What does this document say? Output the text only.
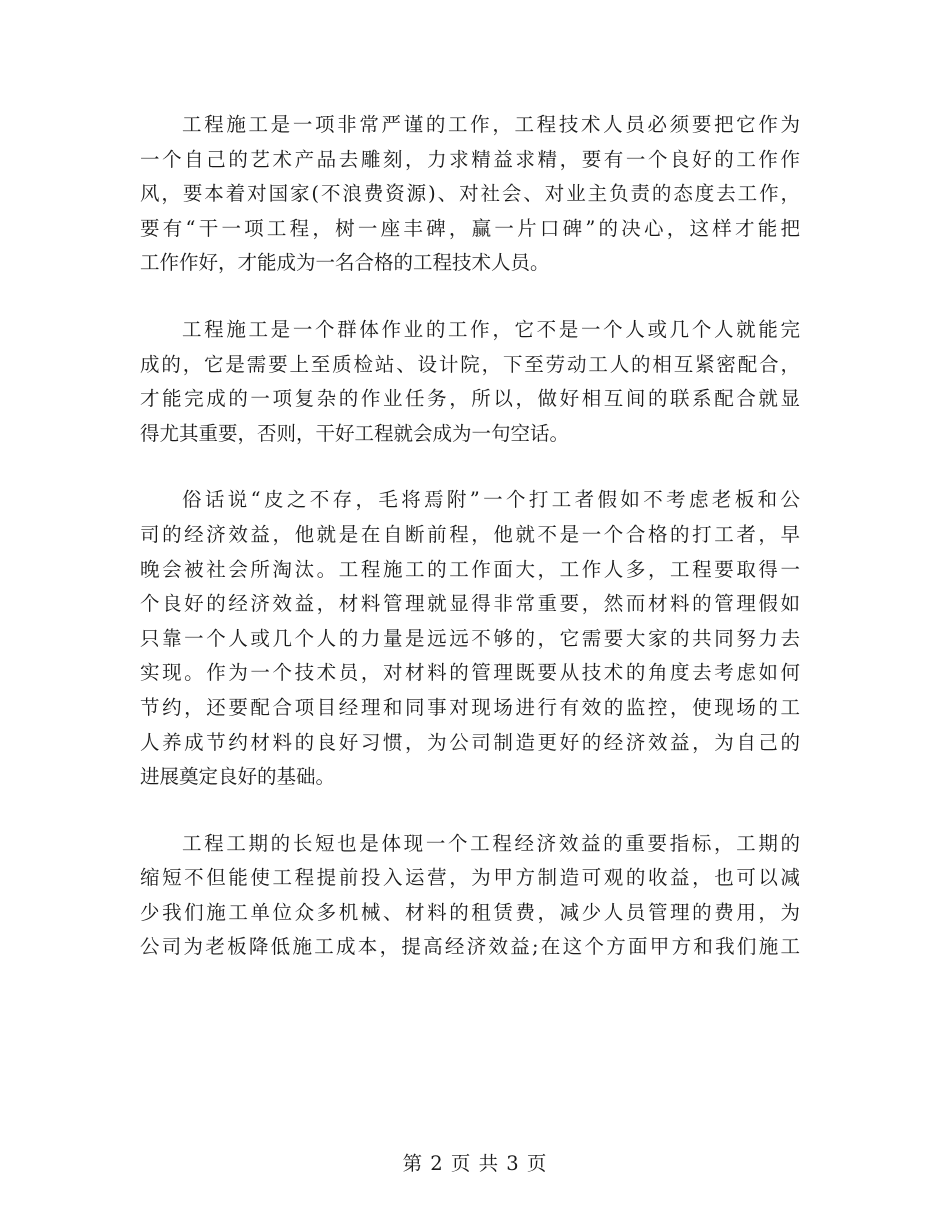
工程施工是一项非常严谨的工作，工程技术人员必须要把它作为
一个自己的艺术产品去雕刻，力求精益求精，要有一个良好的工作作
风，要本着对国家(不浪费资源)、对社会、对业主负责的态度去工作，
要有“干一项工程，树一座丰碑，赢一片口碑”的决心，这样才能把
工作作好，才能成为一名合格的工程技术人员。
工程施工是一个群体作业的工作，它不是一个人或几个人就能完
成的，它是需要上至质检站、设计院，下至劳动工人的相互紧密配合，
才能完成的一项复杂的作业任务，所以，做好相互间的联系配合就显
得尤其重要，否则，干好工程就会成为一句空话。
俗话说“皮之不存，毛将焉附”一个打工者假如不考虑老板和公
司的经济效益，他就是在自断前程，他就不是一个合格的打工者，早
晚会被社会所淘汰。工程施工的工作面大，工作人多，工程要取得一
个良好的经济效益，材料管理就显得非常重要，然而材料的管理假如
只靠一个人或几个人的力量是远远不够的，它需要大家的共同努力去
实现。作为一个技术员，对材料的管理既要从技术的角度去考虑如何
节约，还要配合项目经理和同事对现场进行有效的监控，使现场的工
人养成节约材料的良好习惯，为公司制造更好的经济效益，为自己的
进展奠定良好的基础。
工程工期的长短也是体现一个工程经济效益的重要指标，工期的
缩短不但能使工程提前投入运营，为甲方制造可观的收益，也可以减
少我们施工单位众多机械、材料的租赁费，减少人员管理的费用，为
公司为老板降低施工成本，提高经济效益;在这个方面甲方和我们施工
第 2 页 共 3 页
